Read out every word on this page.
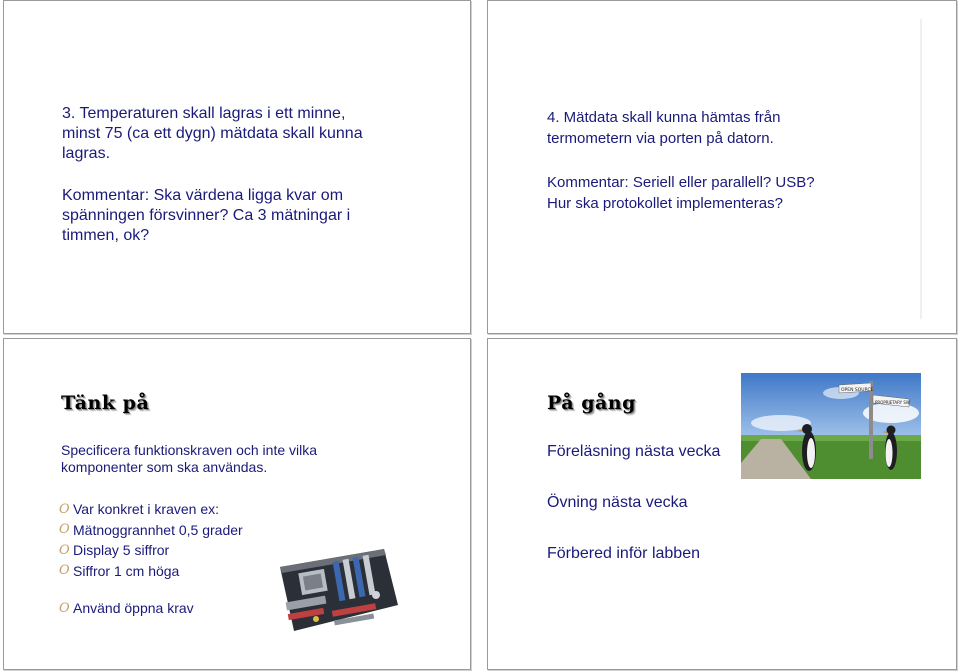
3. Temperaturen skall lagras i ett minne,

minst 75 (ca ett dygn) mätdata skall kunna

lagras.

Kommentar: Ska värdena ligga kvar om

spänningen försvinner? Ca 3 mätningar i

timmen, ok?

4. Mätdata skall kunna hämtas från

termometern via porten på datorn.

Kommentar: Seriell eller parallell? USB?

Hur ska protokollet implementeras?

Tänk på
Specificera funktionskraven och inte vilka komponenter som ska användas.
O Var konkret i kraven ex:
O Mätnoggrannhet 0,5 grader
O Display 5 siffror
O Siffror 1 cm höga
O Använd öppna krav
På gång
Föreläsning nästa vecka
Övning nästa vecka
Förbered inför labben
OPEN SOURCE
PROPRIETARY SW
